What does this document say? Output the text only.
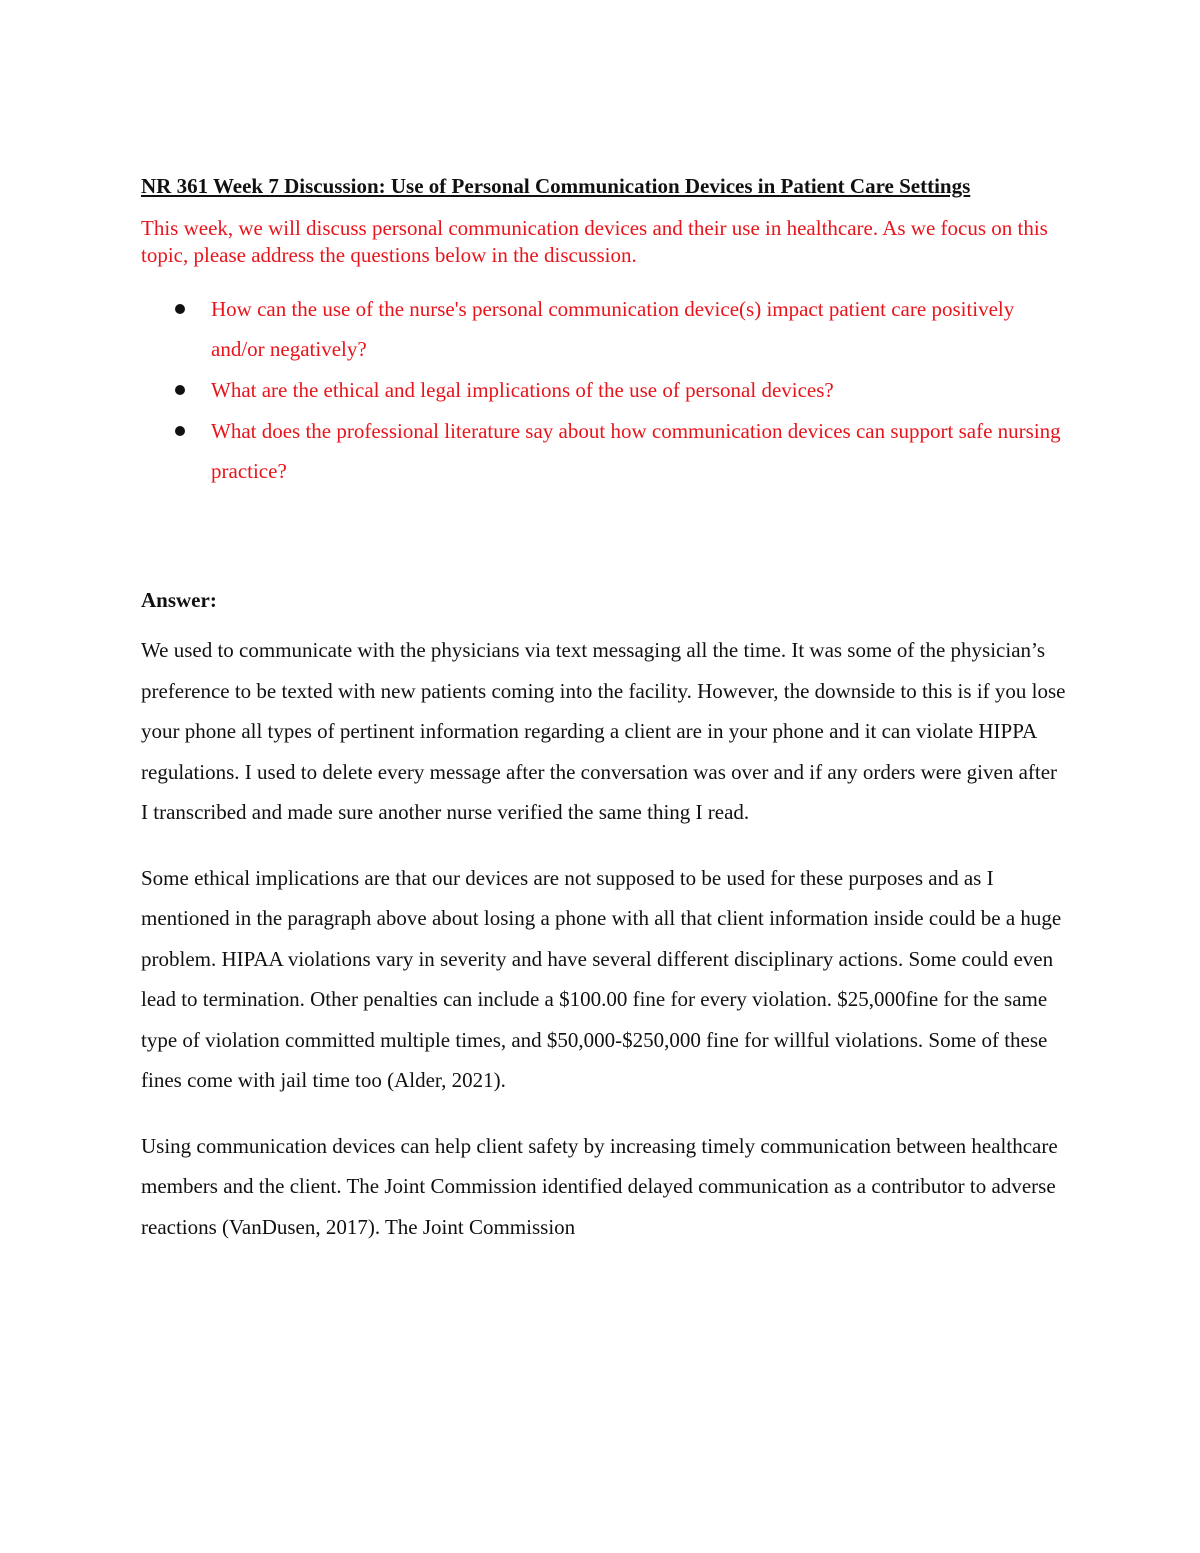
NR 361 Week 7 Discussion: Use of Personal Communication Devices in Patient Care Settings

This week, we will discuss personal communication devices and their use in healthcare. As we focus on this topic, please address the questions below in the discussion.

How can the use of the nurse's personal communication device(s) impact patient care positively and/or negatively?
What are the ethical and legal implications of the use of personal devices?
What does the professional literature say about how communication devices can support safe nursing practice?
Answer:

We used to communicate with the physicians via text messaging all the time. It was some of the physician’s preference to be texted with new patients coming into the facility. However, the downside to this is if you lose your phone all types of pertinent information regarding a client are in your phone and it can violate HIPPA regulations. I used to delete every message after the conversation was over and if any orders were given after I transcribed and made sure another nurse verified the same thing I read.

Some ethical implications are that our devices are not supposed to be used for these purposes and as I mentioned in the paragraph above about losing a phone with all that client information inside could be a huge problem. HIPAA violations vary in severity and have several different disciplinary actions. Some could even lead to termination. Other penalties can include a $100.00 fine for every violation. $25,000fine for the same type of violation committed multiple times, and $50,000-$250,000 fine for willful violations. Some of these fines come with jail time too (Alder, 2021).

Using communication devices can help client safety by increasing timely communication between healthcare members and the client. The Joint Commission identified delayed communication as a contributor to adverse reactions (VanDusen, 2017). The Joint Commission
